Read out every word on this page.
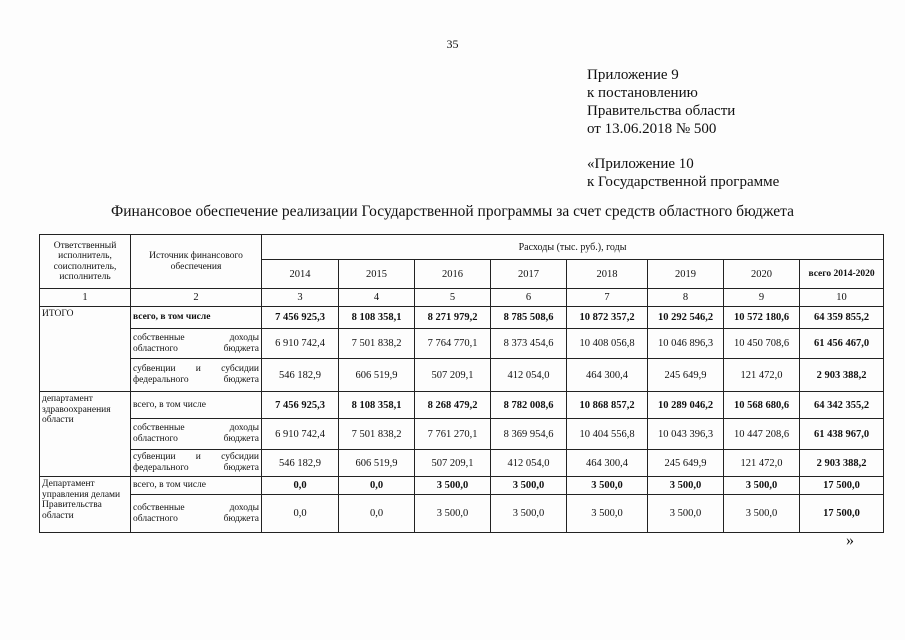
35
Приложение 9
к постановлению
Правительства области
от 13.06.2018 № 500
«Приложение 10
к Государственной программе
Финансовое обеспечение реализации Государственной программы за счет средств областного бюджета
Ответственный исполнитель, соисполнитель, исполнитель	Источник финансового обеспечения	Расходы (тыс. руб.), годы							
		2014	2015	2016	2017	2018	2019	2020	всего 2014-2020
1	2	3	4	5	6	7	8	9	10
ИТОГО	всего, в том числе	7 456 925,3	8 108 358,1	8 271 979,2	8 785 508,6	10 872 357,2	10 292 546,2	10 572 180,6	64 359 855,2
	собственные доходы областного бюджета	6 910 742,4	7 501 838,2	7 764 770,1	8 373 454,6	10 408 056,8	10 046 896,3	10 450 708,6	61 456 467,0
	субвенции и субсидии федерального бюджета	546 182,9	606 519,9	507 209,1	412 054,0	464 300,4	245 649,9	121 472,0	2 903 388,2
департамент здравоохранения области	всего, в том числе	7 456 925,3	8 108 358,1	8 268 479,2	8 782 008,6	10 868 857,2	10 289 046,2	10 568 680,6	64 342 355,2
	собственные доходы областного бюджета	6 910 742,4	7 501 838,2	7 761 270,1	8 369 954,6	10 404 556,8	10 043 396,3	10 447 208,6	61 438 967,0
	субвенции и субсидии федерального бюджета	546 182,9	606 519,9	507 209,1	412 054,0	464 300,4	245 649,9	121 472,0	2 903 388,2
Департамент управления делами Правительства области	всего, в том числе	0,0	0,0	3 500,0	3 500,0	3 500,0	3 500,0	3 500,0	17 500,0
	собственные доходы областного бюджета	0,0	0,0	3 500,0	3 500,0	3 500,0	3 500,0	3 500,0	17 500,0
»
